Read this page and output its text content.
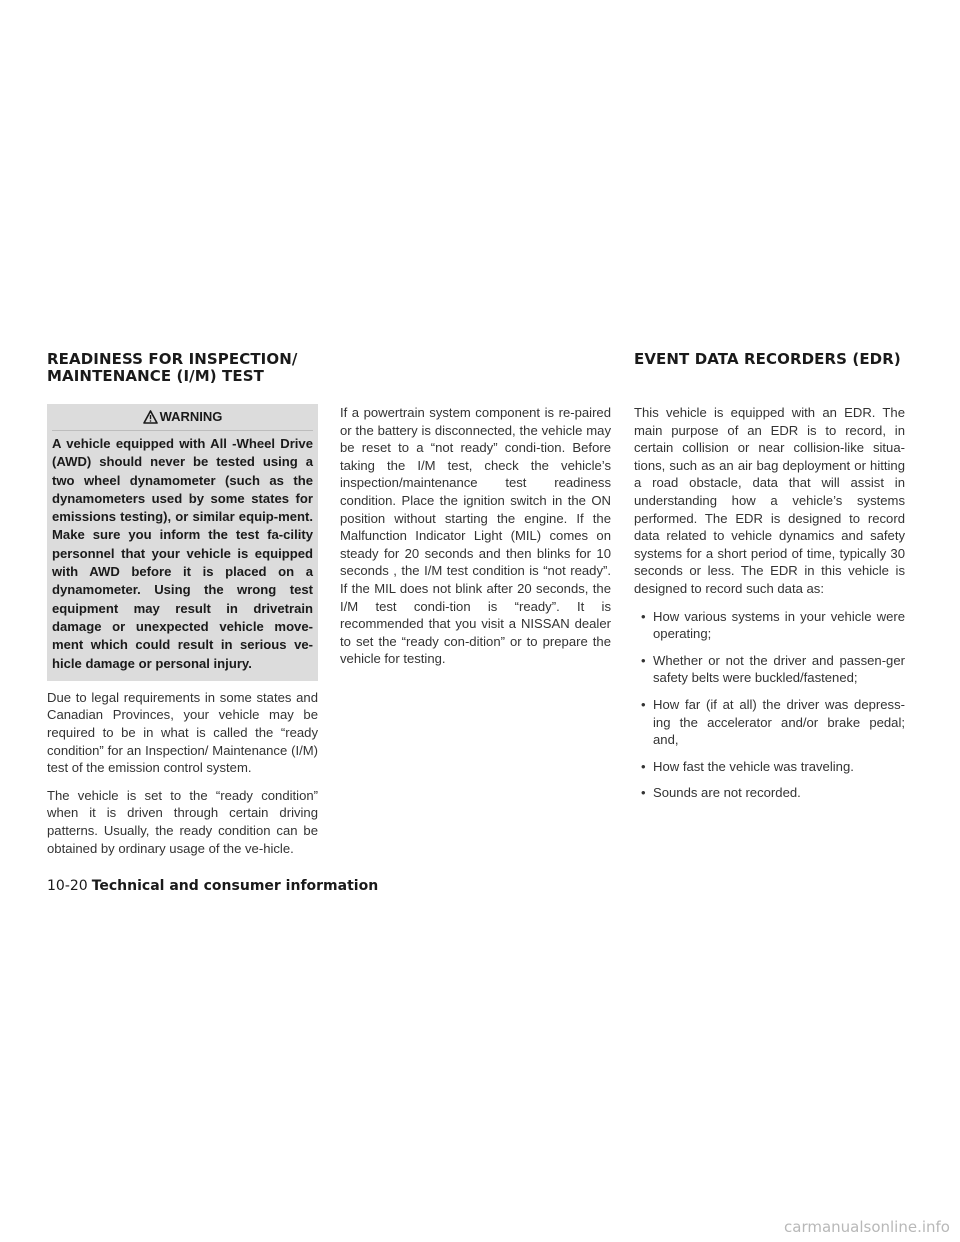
READINESS FOR INSPECTION/
MAINTENANCE (I/M) TEST
EVENT DATA RECORDERS (EDR)
WARNING
A vehicle equipped with All -Wheel Drive (AWD) should never be tested using a two wheel dynamometer (such as the dynamometers used by some states for emissions testing), or similar equip-ment. Make sure you inform the test fa-cility personnel that your vehicle is equipped with AWD before it is placed on a dynamometer. Using the wrong test equipment may result in drivetrain damage or unexpected vehicle move-ment which could result in serious ve-hicle damage or personal injury.

Due to legal requirements in some states and Canadian Provinces, your vehicle may be required to be in what is called the “ready condition” for an Inspection/ Maintenance (I/M) test of the emission control system.

The vehicle is set to the “ready condition” when it is driven through certain driving patterns. Usually, the ready condition can be obtained by ordinary usage of the ve-hicle.

If a powertrain system component is re-paired or the battery is disconnected, the vehicle may be reset to a “not ready” condi-tion. Before taking the I/M test, check the vehicle’s inspection/maintenance test readiness condition. Place the ignition switch in the ON position without starting the engine. If the Malfunction Indicator Light (MIL) comes on steady for 20 seconds and then blinks for 10 seconds , the I/M test condition is “not ready”. If the MIL does not blink after 20 seconds, the I/M test condi-tion is “ready”. It is recommended that you visit a NISSAN dealer to set the “ready con-dition” or to prepare the vehicle for testing.

This vehicle is equipped with an EDR. The main purpose of an EDR is to record, in certain collision or near collision-like situa-tions, such as an air bag deployment or hitting a road obstacle, data that will assist in understanding how a vehicle’s systems performed. The EDR is designed to record data related to vehicle dynamics and safety systems for a short period of time, typically 30 seconds or less. The EDR in this vehicle is designed to record such data as:

• How various systems in your vehicle were operating;
• Whether or not the driver and passen-ger safety belts were buckled/fastened;
• How far (if at all) the driver was depress-ing the accelerator and/or brake pedal; and,
• How fast the vehicle was traveling.
• Sounds are not recorded.
10-20 Technical and consumer information
carmanualsonline.info
